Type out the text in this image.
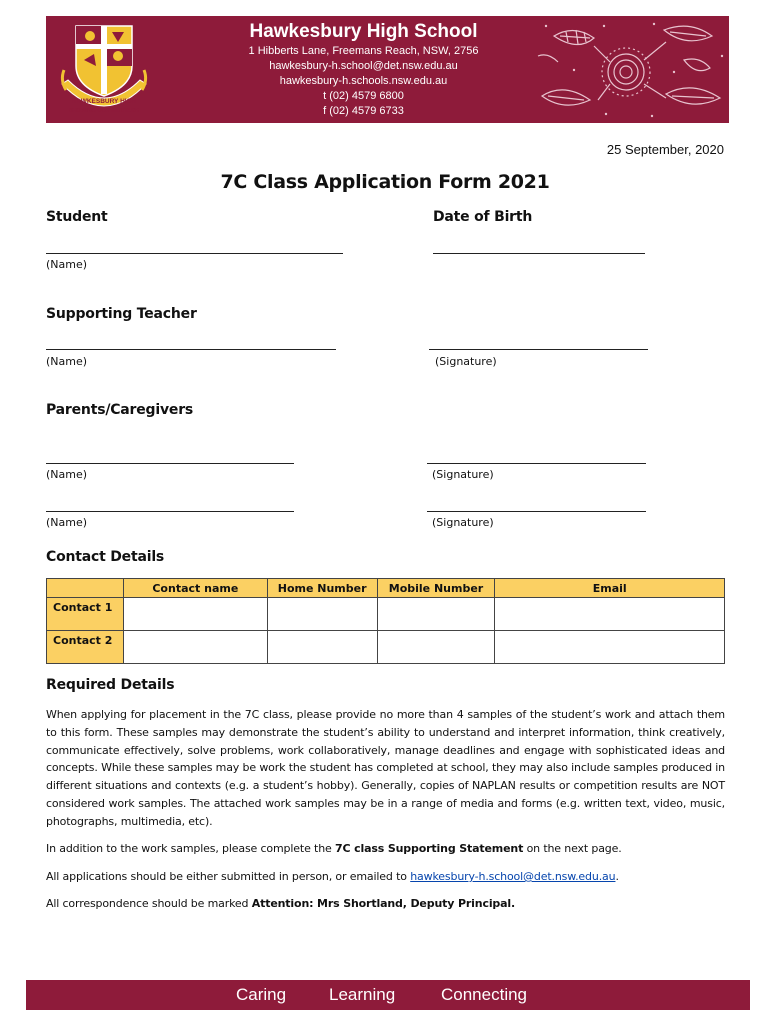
HAWKESBURY HIGH
SHOWING OUR HERITAGE
Hawkesbury High School
1 Hibberts Lane, Freemans Reach, NSW, 2756
hawkesbury-h.school@det.nsw.edu.au
hawkesbury-h.schools.nsw.edu.au
t (02) 4579 6800
f (02) 4579 6733
25 September, 2020
7C Class Application Form 2021
Student	Date of Birth
(Name)
Supporting Teacher
(Name)	(Signature)
Parents/Caregivers
(Name)	(Signature)
(Name)	(Signature)
Contact Details
	Contact name	Home Number	Mobile Number	Email
Contact 1				
Contact 2				
Required Details
When applying for placement in the 7C class, please provide no more than 4 samples of the student’s work and attach them to this form. These samples may demonstrate the student’s ability to understand and interpret information, think creatively, communicate effectively, solve problems, work collaboratively, manage deadlines and engage with sophisticated ideas and concepts. While these samples may be work the student has completed at school, they may also include samples produced in different situations and contexts (e.g. a student’s hobby). Generally, copies of NAPLAN results or competition results are NOT considered work samples. The attached work samples may be in a range of media and forms (e.g. written text, video, music, photographs, multimedia, etc).
In addition to the work samples, please complete the 7C class Supporting Statement on the next page.
All applications should be either submitted in person, or emailed to hawkesbury-h.school@det.nsw.edu.au.
All correspondence should be marked Attention: Mrs Shortland, Deputy Principal.
Caring	Learning	Connecting
